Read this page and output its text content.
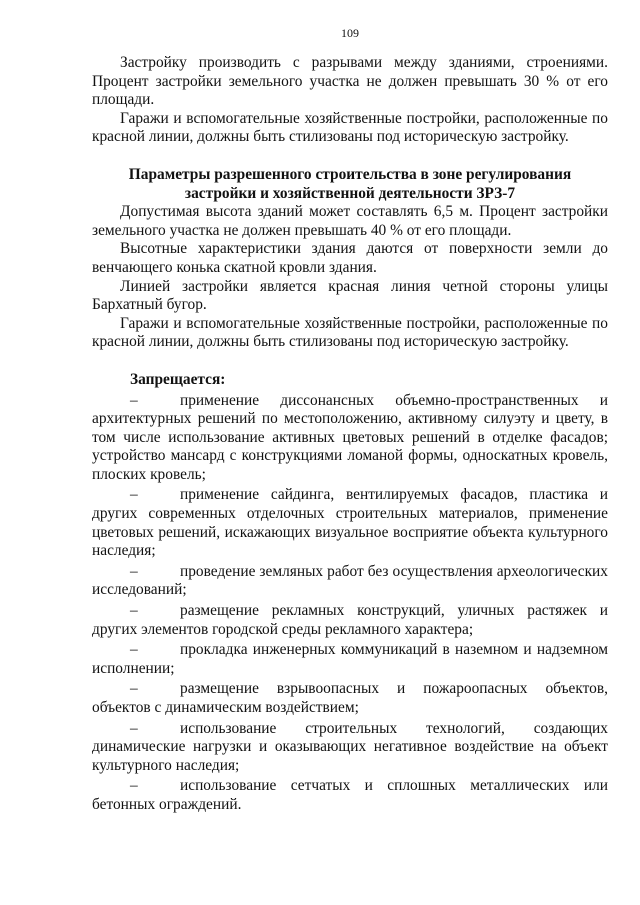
109

Застройку производить с разрывами между зданиями, строениями. Процент застройки земельного участка не должен превышать 30 % от его площади.

Гаражи и вспомогательные хозяйственные постройки, расположенные по красной линии, должны быть стилизованы под историческую застройку.

Параметры разрешенного строительства в зоне регулирования застройки и хозяйственной деятельности ЗРЗ-7

Допустимая высота зданий может составлять 6,5 м. Процент застройки земельного участка не должен превышать 40 % от его площади.

Высотные характеристики здания даются от поверхности земли до венчающего конька скатной кровли здания.

Линией застройки является красная линия четной стороны улицы Бархатный бугор.

Гаражи и вспомогательные хозяйственные постройки, расположенные по красной линии, должны быть стилизованы под историческую застройку.

Запрещается:

–	применение диссонансных объемно-пространственных и архитектурных решений по местоположению, активному силуэту и цвету, в том числе использование активных цветовых решений в отделке фасадов; устройство мансард с конструкциями ломаной формы, односкатных кровель, плоских кровель;

–	применение сайдинга, вентилируемых фасадов, пластика и других современных отделочных строительных материалов, применение цветовых решений, искажающих визуальное восприятие объекта культурного наследия;

–	проведение земляных работ без осуществления археологических исследований;

–	размещение рекламных конструкций, уличных растяжек и других элементов городской среды рекламного характера;

–	прокладка инженерных коммуникаций в наземном и надземном исполнении;

–	размещение взрывоопасных и пожароопасных объектов, объектов с динамическим воздействием;

–	использование строительных технологий, создающих динамические нагрузки и оказывающих негативное воздействие на объект культурного наследия;

–	использование сетчатых и сплошных металлических или бетонных ограждений.
